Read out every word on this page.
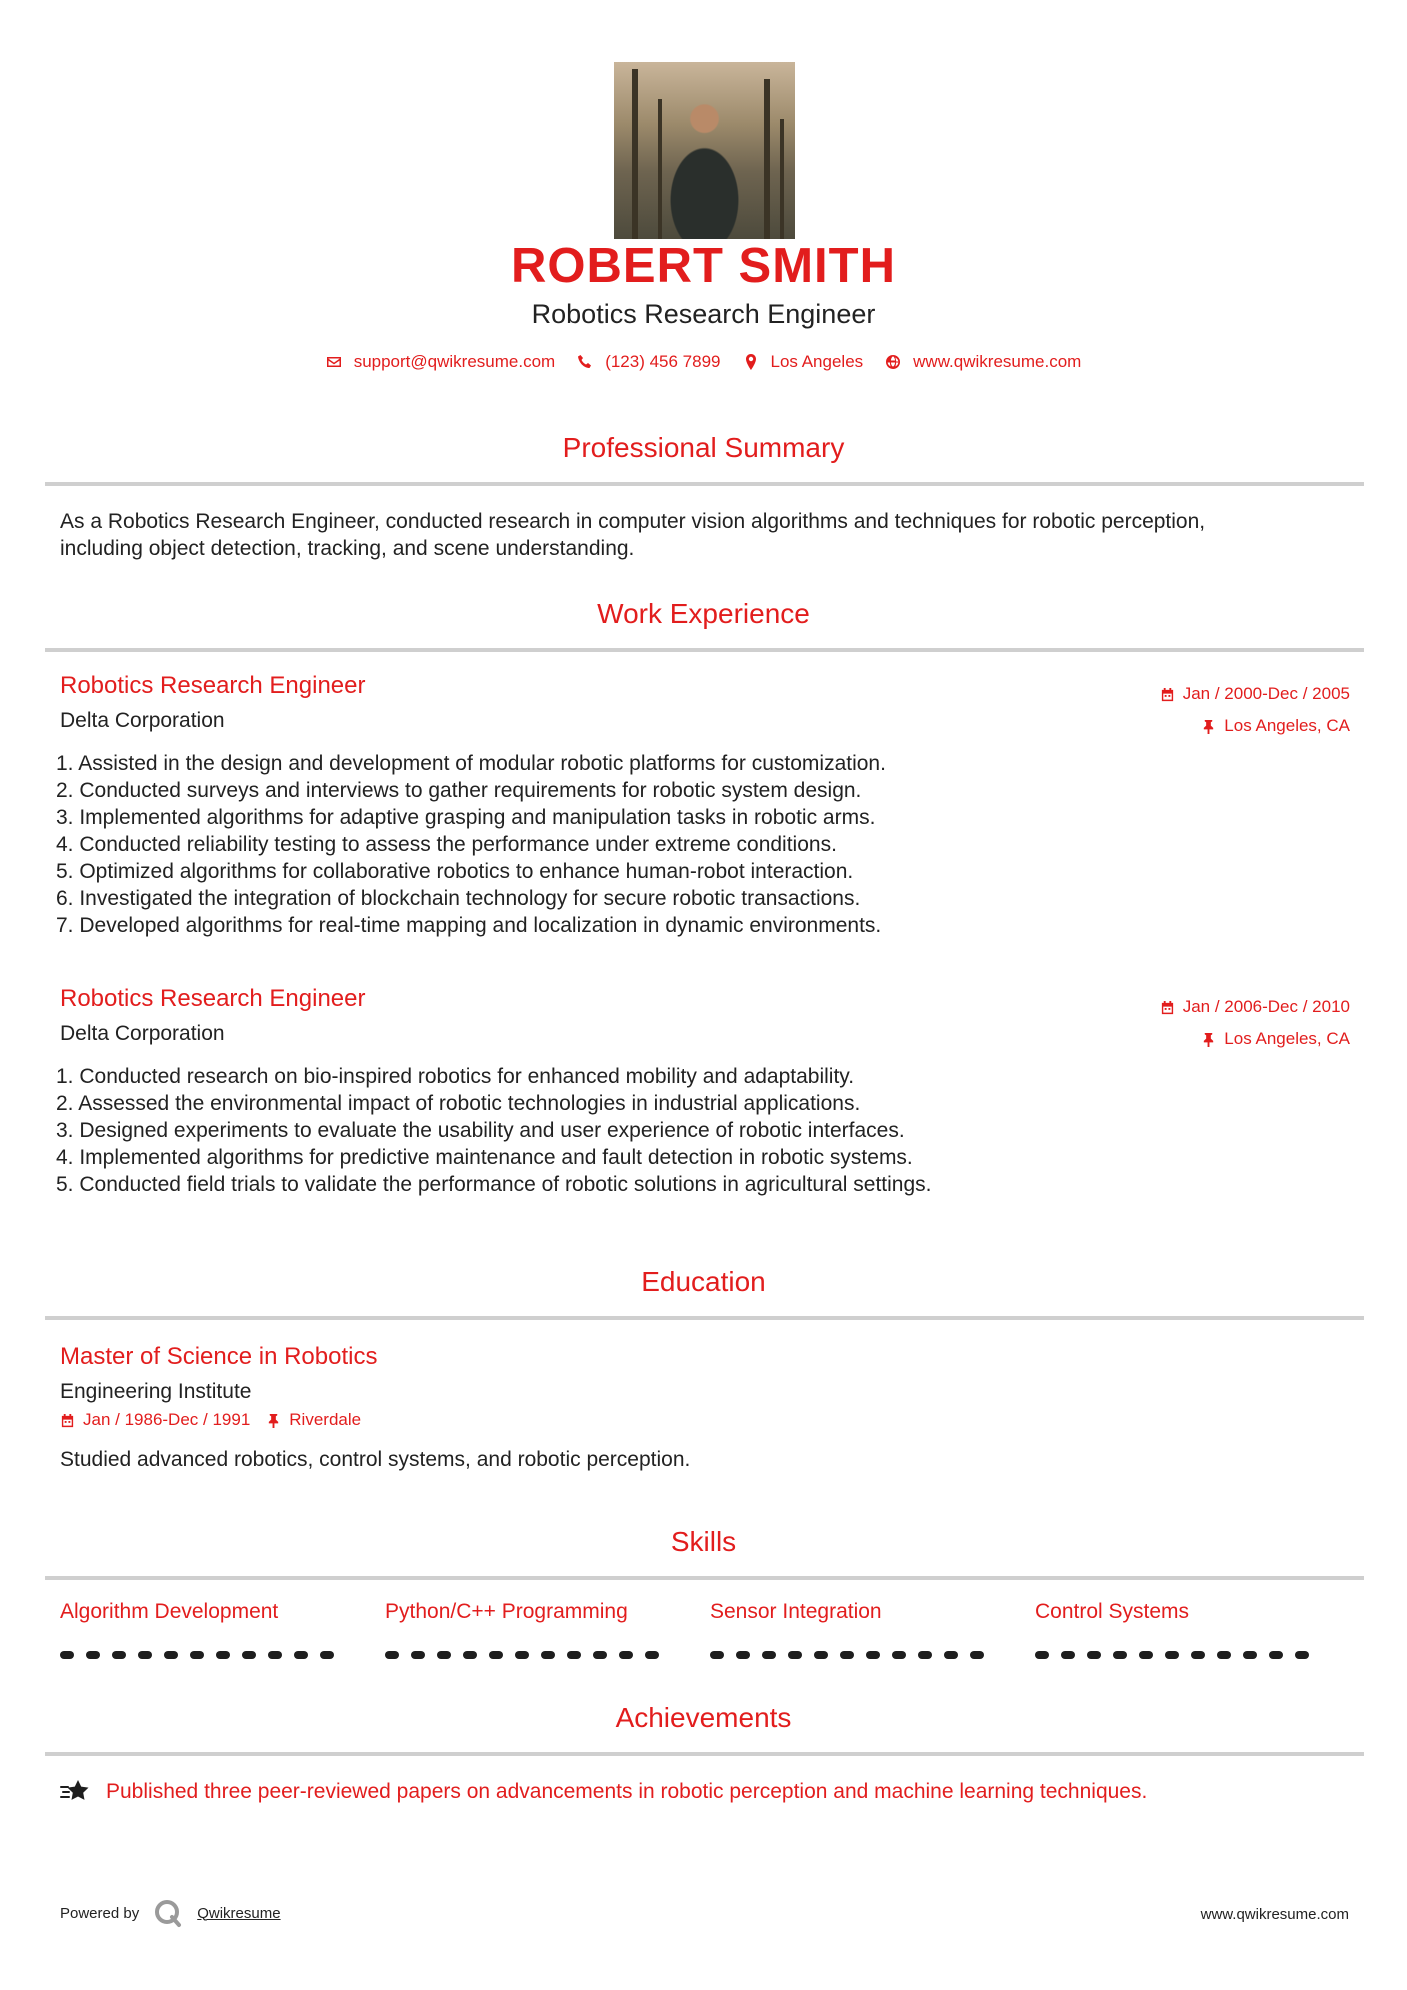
ROBERT SMITH
Robotics Research Engineer
support@qwikresume.com	(123) 456 7899	Los Angeles	www.qwikresume.com
Professional Summary
As a Robotics Research Engineer, conducted research in computer vision algorithms and techniques for robotic perception, including object detection, tracking, and scene understanding.
Work Experience
Robotics Research Engineer
Delta Corporation
Jan / 2000-Dec / 2005
Los Angeles, CA
1. Assisted in the design and development of modular robotic platforms for customization.
2. Conducted surveys and interviews to gather requirements for robotic system design.
3. Implemented algorithms for adaptive grasping and manipulation tasks in robotic arms.
4. Conducted reliability testing to assess the performance under extreme conditions.
5. Optimized algorithms for collaborative robotics to enhance human-robot interaction.
6. Investigated the integration of blockchain technology for secure robotic transactions.
7. Developed algorithms for real-time mapping and localization in dynamic environments.
Robotics Research Engineer
Delta Corporation
Jan / 2006-Dec / 2010
Los Angeles, CA
1. Conducted research on bio-inspired robotics for enhanced mobility and adaptability.
2. Assessed the environmental impact of robotic technologies in industrial applications.
3. Designed experiments to evaluate the usability and user experience of robotic interfaces.
4. Implemented algorithms for predictive maintenance and fault detection in robotic systems.
5. Conducted field trials to validate the performance of robotic solutions in agricultural settings.
Education
Master of Science in Robotics
Engineering Institute
Jan / 1986-Dec / 1991 Riverdale
Studied advanced robotics, control systems, and robotic perception.
Skills
Algorithm Development	Python/C++ Programming	Sensor Integration	Control Systems
Achievements
Published three peer-reviewed papers on advancements in robotic perception and machine learning techniques.
Powered by	Qwikresume	www.qwikresume.com
